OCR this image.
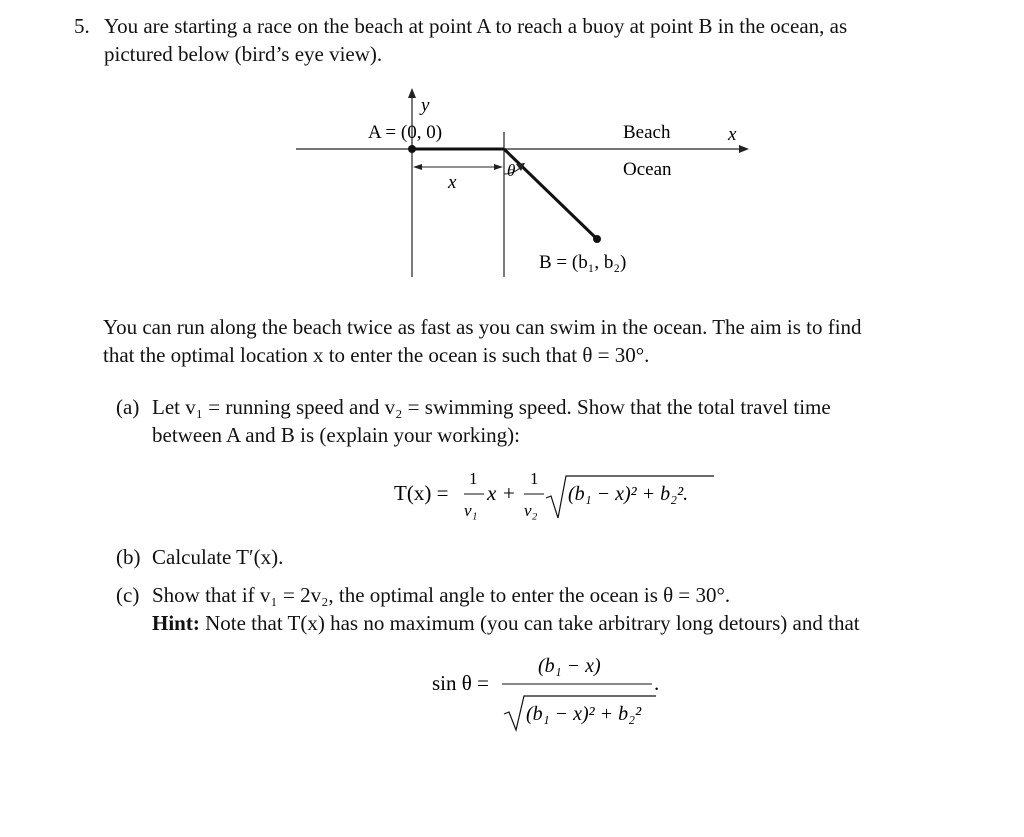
5. You are starting a race on the beach at point A to reach a buoy at point B in the ocean, as
pictured below (bird’s eye view).
y
x
A = (0, 0)	Beach
Ocean
x
θ
B = (b₁, b₂)
You can run along the beach twice as fast as you can swim in the ocean. The aim is to find
that the optimal location x to enter the ocean is such that θ = 30°.
(a) Let v₁ = running speed and v₂ = swimming speed. Show that the total travel time
between A and B is (explain your working):
T(x) =
1
v₁
x +
1
v₂
(b₁ − x)² + b₂².
(b) Calculate T′(x).
(c) Show that if v₁ = 2v₂, the optimal angle to enter the ocean is θ = 30°.
Hint: Note that T(x) has no maximum (you can take arbitrary long detours) and that
sin θ =
(b₁ − x)
(b₁ − x)² + b₂²
.
